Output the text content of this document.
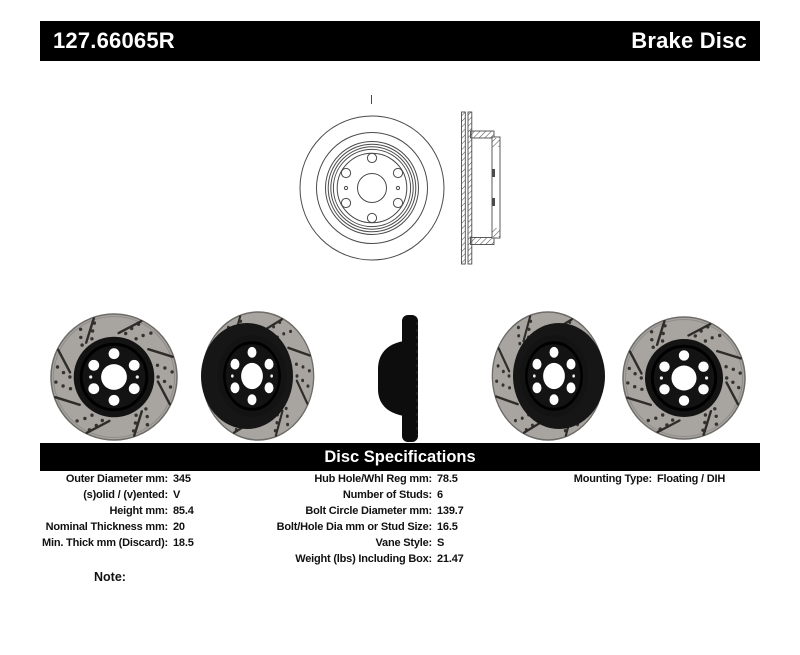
127.66065R	Brake Disc
Disc Specifications
Outer Diameter mm: 345
(s)olid / (v)ented: V
Height mm: 85.4
Nominal Thickness mm: 20
Min. Thick mm (Discard): 18.5
Hub Hole/Whl Reg mm: 78.5
Number of Studs: 6
Bolt Circle Diameter mm: 139.7
Bolt/Hole Dia mm or Stud Size: 16.5
Vane Style: S
Weight (lbs) Including Box: 21.47
Mounting Type: Floating / DIH
Note:
